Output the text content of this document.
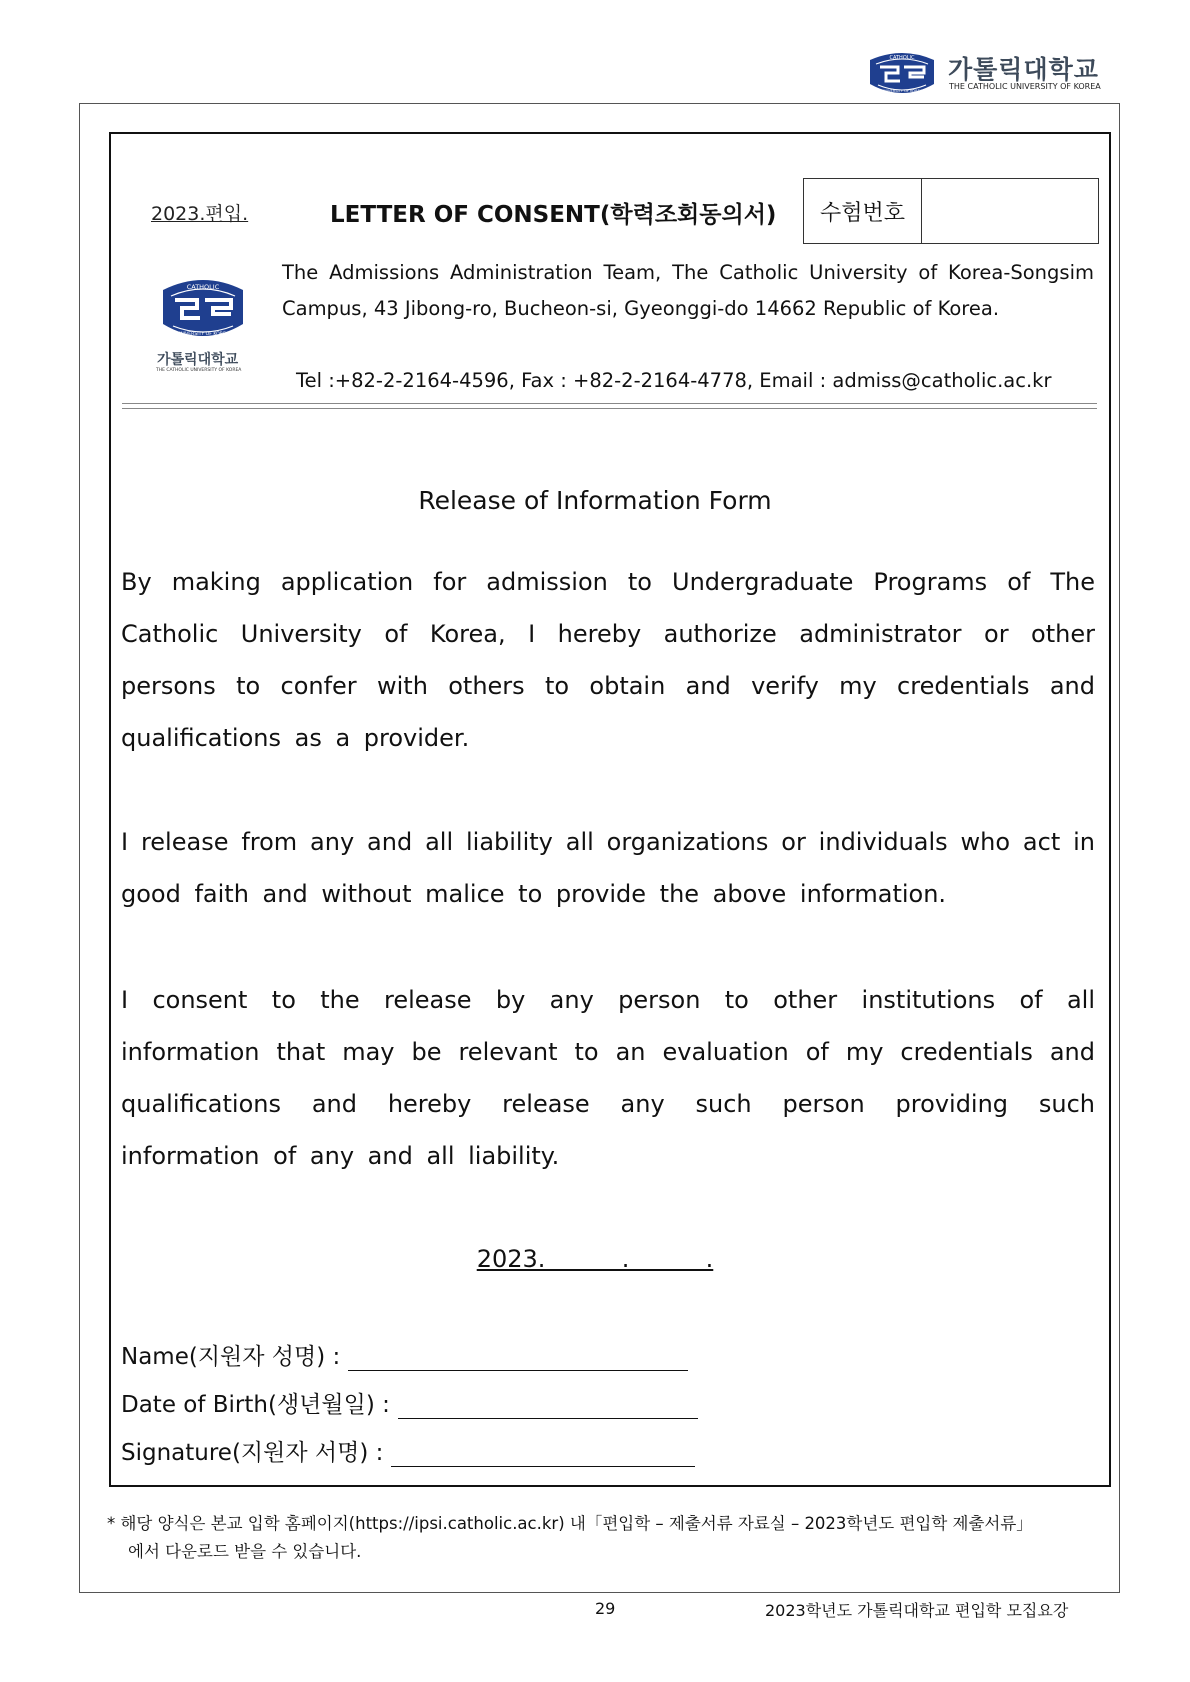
CATHOLIC
UNIVERSITY OF KOREA
가톨릭대학교
THE CATHOLIC UNIVERSITY OF KOREA
2023.편입.	LETTER OF CONSENT(학력조회동의서)	수험번호
CATHOLIC
UNIVERSITY OF KOREA
가톨릭대학교
THE CATHOLIC UNIVERSITY OF KOREA
The Admissions Administration Team, The Catholic University of Korea-Songsim
Campus, 43 Jibong-ro, Bucheon-si, Gyeonggi-do 14662 Republic of Korea.
Tel :+82-2-2164-4596, Fax : +82-2-2164-4778, Email : admiss@catholic.ac.kr
Release of Information Form
By making application for admission to Undergraduate Programs of The
Catholic University of Korea, I hereby authorize administrator or other
persons to confer with others to obtain and verify my credentials and
qualifications as a provider.
I release from any and all liability all organizations or individuals who act in
good faith and without malice to provide the above information.
I consent to the release by any person to other institutions of all
information that may be relevant to an evaluation of my credentials and
qualifications and hereby release any such person providing such
information of any and all liability.
2023.          .          .
Name(지원자 성명) :
Date of Birth(생년월일) :
Signature(지원자 서명) :
* 해당 양식은 본교 입학 홈페이지(https://ipsi.catholic.ac.kr) 내「편입학 – 제출서류 자료실 – 2023학년도 편입학 제출서류」
에서 다운로드 받을 수 있습니다.
29	2023학년도 가톨릭대학교 편입학 모집요강
